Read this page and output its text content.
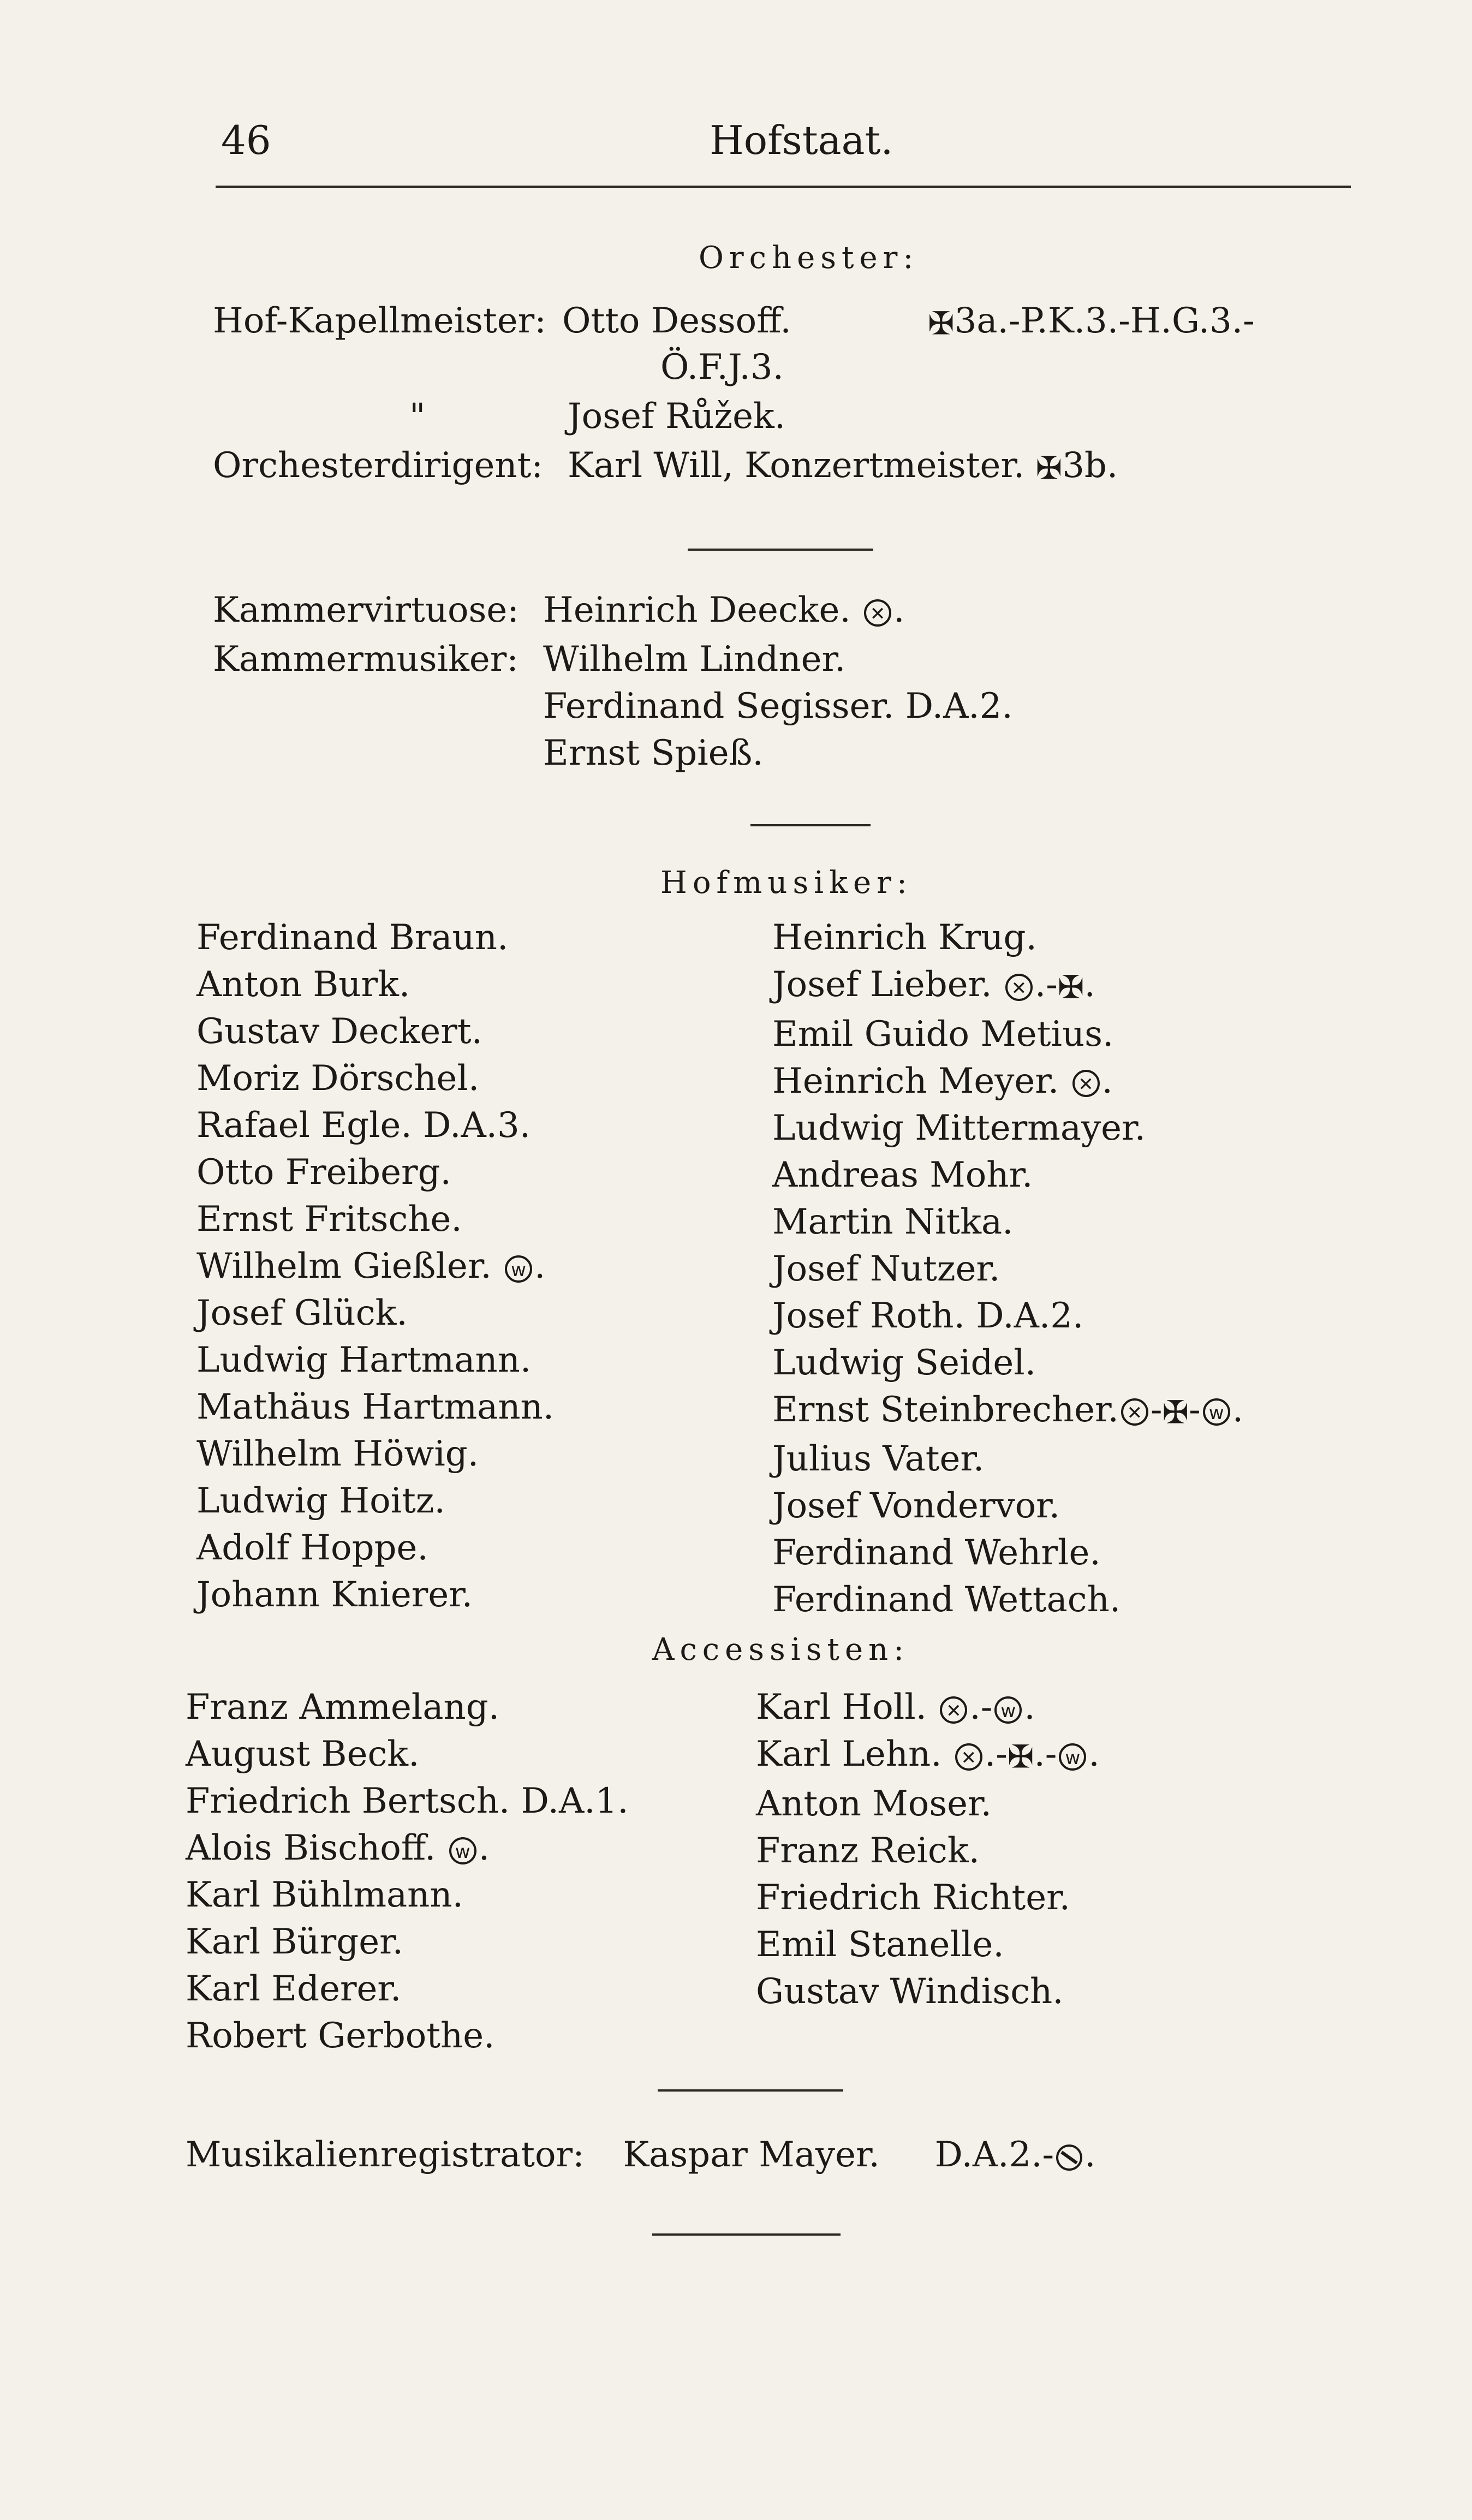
46	Hofstaat.
Orchester:
Hof-Kapellmeister: Otto Dessoff.	✠3a.-P.K.3.-H.G.3.-
Ö.F.J.3.
"	Josef Růžek.
Orchesterdirigent: Karl Will, Konzertmeister. ✠3b.
Kammervirtuose: Heinrich Deecke. ✕ .
Kammermusiker: Wilhelm Lindner.
Ferdinand Segisser. D.A.2.
Ernst Spieß.
Hofmusiker:
Ferdinand Braun.
Anton Burk.
Gustav Deckert.
Moriz Dörschel.
Rafael Egle. D.A.3.
Otto Freiberg.
Ernst Fritsche.
Wilhelm Gießler. w .
Josef Glück.
Ludwig Hartmann.
Mathäus Hartmann.
Wilhelm Höwig.
Ludwig Hoitz.
Adolf Hoppe.
Johann Knierer.
Heinrich Krug.
Josef Lieber. ✕ .-✠.
Emil Guido Metius.
Heinrich Meyer. ✕ .
Ludwig Mittermayer.
Andreas Mohr.
Martin Nitka.
Josef Nutzer.
Josef Roth. D.A.2.
Ludwig Seidel.
Ernst Steinbrecher. ✕ -✠- w .
Julius Vater.
Josef Vondervor.
Ferdinand Wehrle.
Ferdinand Wettach.
Accessisten:
Franz Ammelang.
August Beck.
Friedrich Bertsch. D.A.1.
Alois Bischoff. w .
Karl Bühlmann.
Karl Bürger.
Karl Ederer.
Robert Gerbothe.
Karl Holl. ✕ .- w .
Karl Lehn. ✕ .-✠.- w .
Anton Moser.
Franz Reick.
Friedrich Richter.
Emil Stanelle.
Gustav Windisch.
Musikalienregistrator: Kaspar Mayer. D.A.2.- .
